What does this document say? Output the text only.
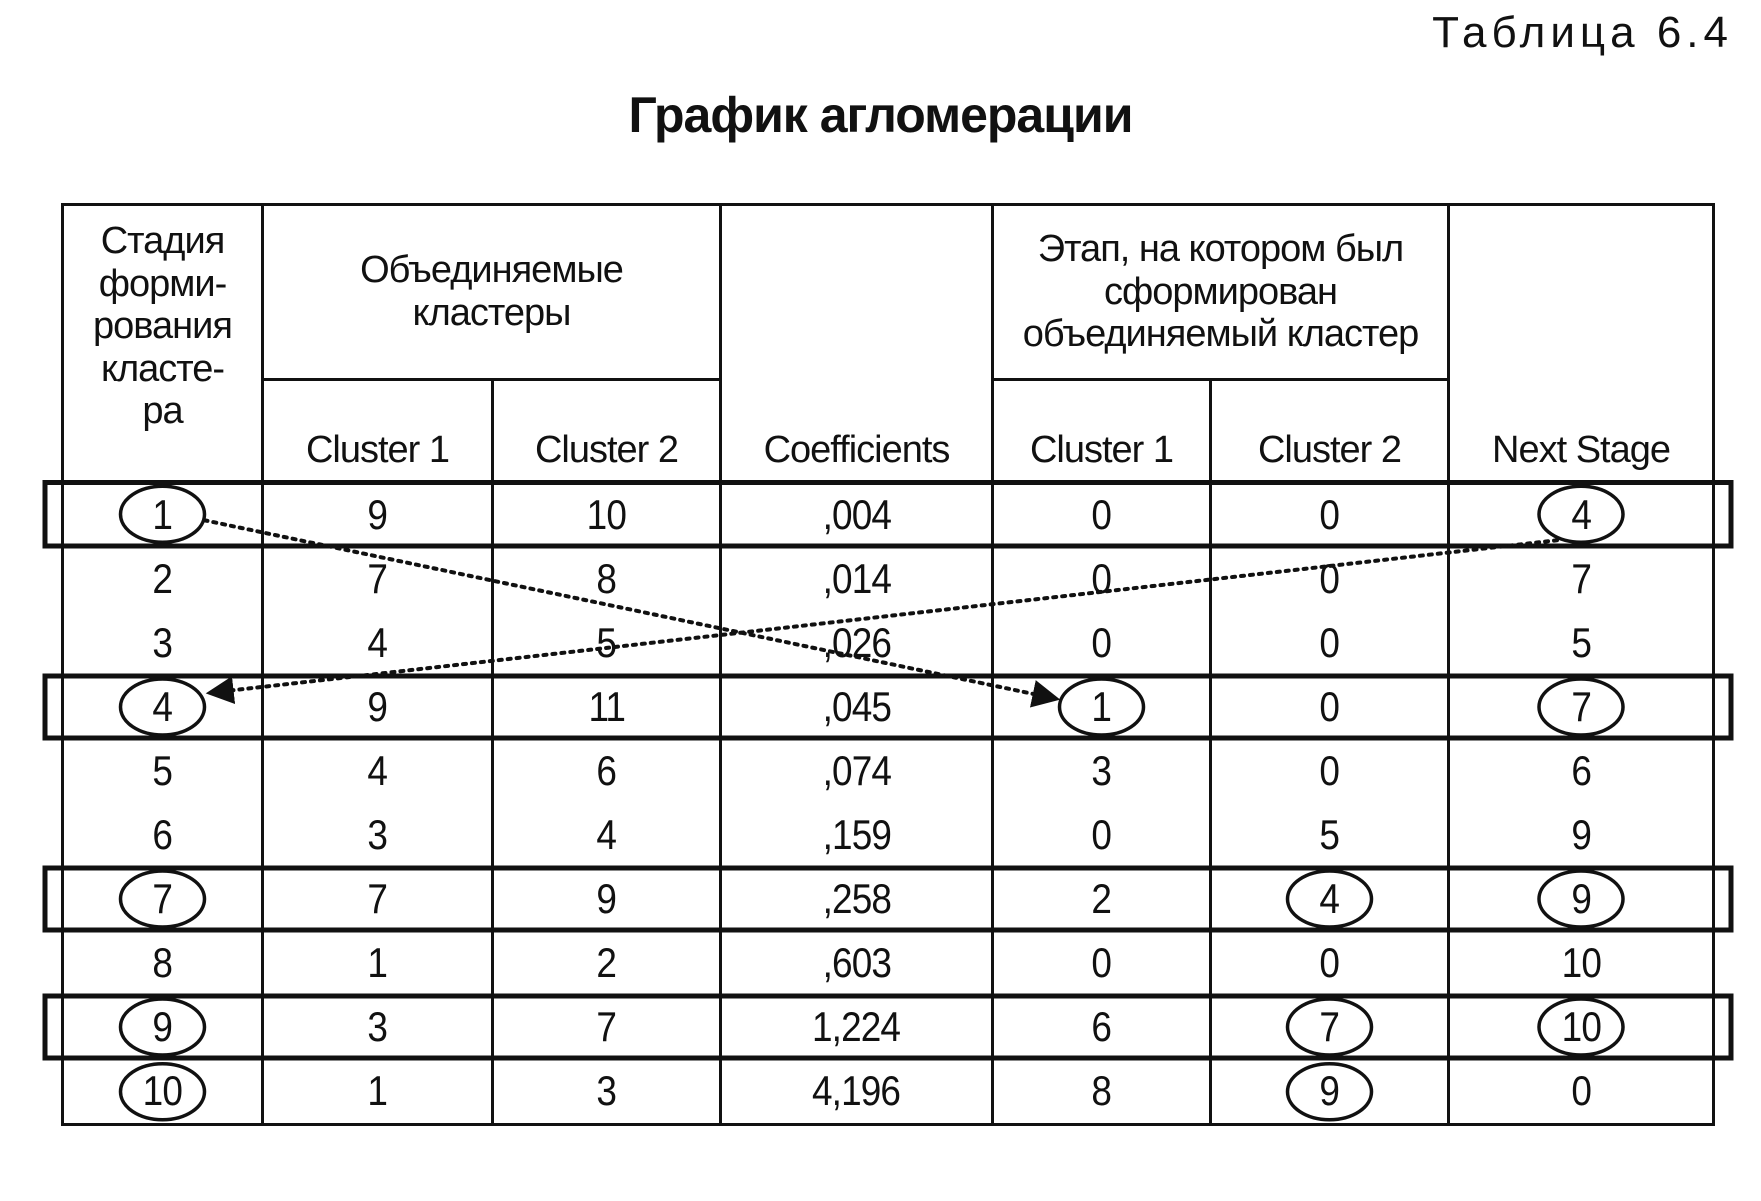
Таблица 6.4
График агломерации
Стадия форми- рования класте- ра	Объединяемые кластеры		Coefficients	Этап, на котором был сформирован объединяемый кластер		Next Stage
	Cluster 1	Cluster 2		Cluster 1	Cluster 2	
1	9	10	,004	0	0	4
2	7	8	,014	0	0	7
3	4	5	,026	0	0	5
4	9	11	,045	1	0	7
5	4	6	,074	3	0	6
6	3	4	,159	0	5	9
7	7	9	,258	2	4	9
8	1	2	,603	0	0	10
9	3	7	1,224	6	7	10
10	1	3	4,196	8	9	0
